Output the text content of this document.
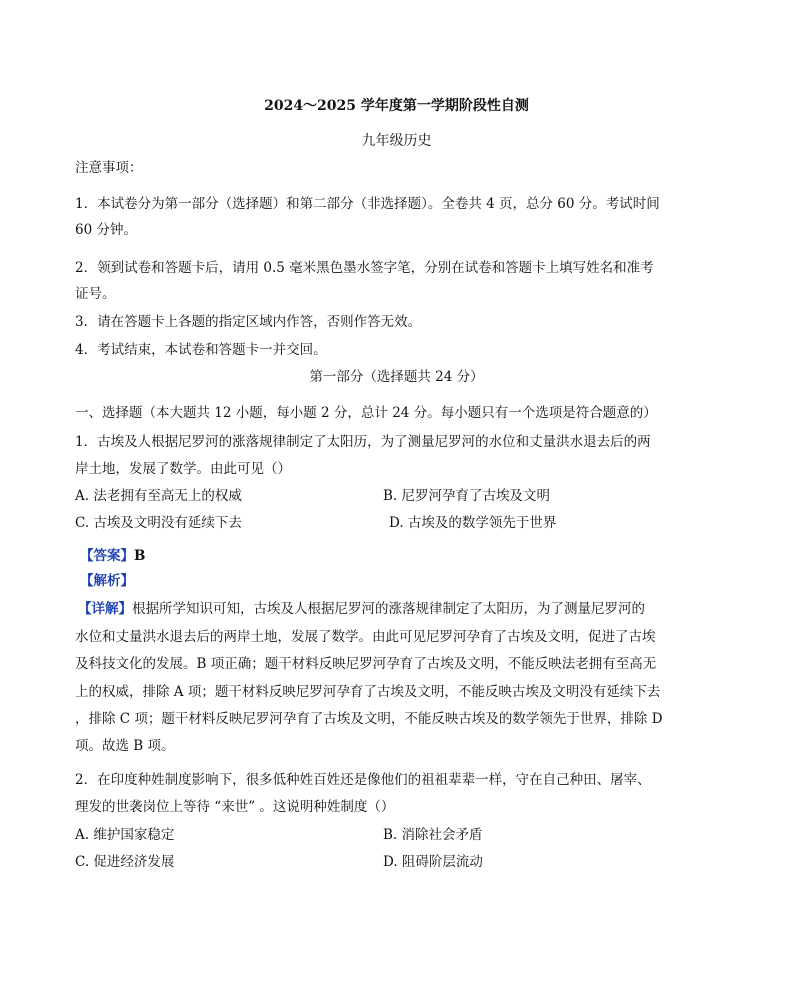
2024～2025 学年度第一学期阶段性自测
九年级历史
注意事项：
1．本试卷分为第一部分（选择题）和第二部分（非选择题）。全卷共 4 页，总分 60 分。考试时间
60 分钟。
2．领到试卷和答题卡后，请用 0.5 毫米黑色墨水签字笔，分别在试卷和答题卡上填写姓名和准考
证号。
3．请在答题卡上各题的指定区域内作答，否则作答无效。
4．考试结束，本试卷和答题卡一并交回。
第一部分（选择题共 24 分）
一、选择题（本大题共 12 小题，每小题 2 分，总计 24 分。每小题只有一个选项是符合题意的）
1．古埃及人根据尼罗河的涨落规律制定了太阳历，为了测量尼罗河的水位和丈量洪水退去后的两
岸土地，发展了数学。由此可见（）
A. 法老拥有至高无上的权威	B. 尼罗河孕育了古埃及文明
C. 古埃及文明没有延续下去	D. 古埃及的数学领先于世界
【答案】B
【解析】
【详解】根据所学知识可知，古埃及人根据尼罗河的涨落规律制定了太阳历，为了测量尼罗河的
水位和丈量洪水退去后的两岸土地，发展了数学。由此可见尼罗河孕育了古埃及文明，促进了古埃
及科技文化的发展。B 项正确；题干材料反映尼罗河孕育了古埃及文明，不能反映法老拥有至高无
上的权威，排除 A 项；题干材料反映尼罗河孕育了古埃及文明，不能反映古埃及文明没有延续下去
，排除 C 项；题干材料反映尼罗河孕育了古埃及文明，不能反映古埃及的数学领先于世界，排除 D
项。故选 B 项。
2．在印度种姓制度影响下，很多低种姓百姓还是像他们的祖祖辈辈一样，守在自己种田、屠宰、
理发的世袭岗位上等待 “来世” 。这说明种姓制度（）
A. 维护国家稳定	B. 消除社会矛盾
C. 促进经济发展	D. 阻碍阶层流动
